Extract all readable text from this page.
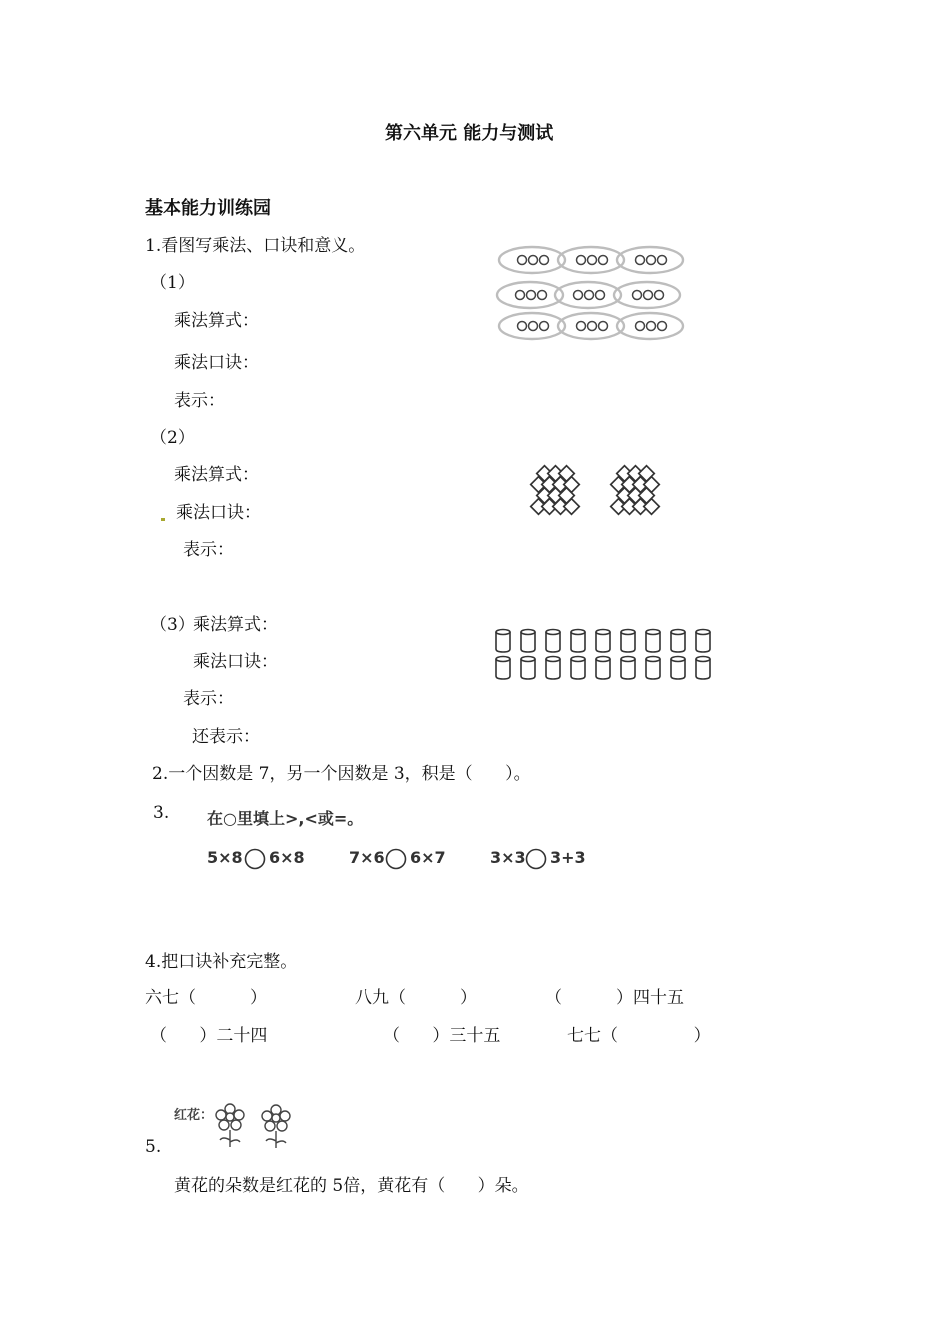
第六单元 能力与测试
基本能力训练园
1.看图写乘法、口诀和意义。
（1）
乘法算式：
乘法口诀：
表示：
（2）
乘法算式：
乘法口诀：
表示：
（3）
乘法算式：
乘法口诀：
表示：
还表示：
2.一个因数是 7，另一个因数是 3，积是（      ）。
3. 在○里填上>,<或=。
5×8 6×8	7×6 6×7	3×3 3+3
4.把口诀补充完整。
六七（          ）	八九（          ）	（          ）四十五
（      ）二十四	（      ）三十五	七七（              ）
5.
红花：
黄花的朵数是红花的 5倍，黄花有（      ）朵。
